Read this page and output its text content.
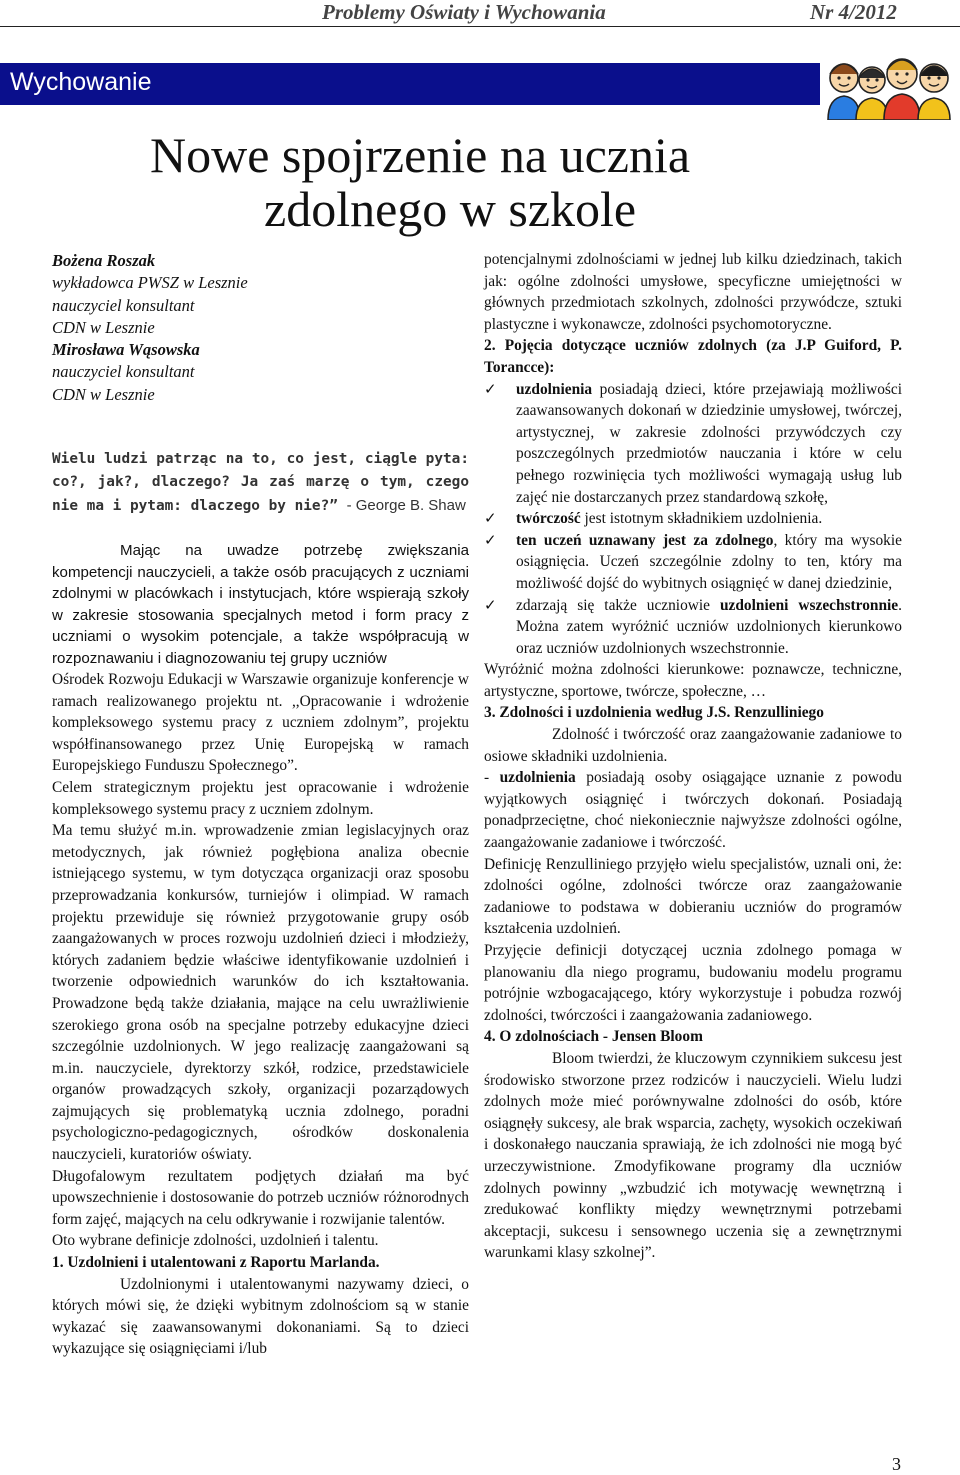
Problemy Oświaty i Wychowania	Nr 4/2012
Wychowanie
Nowe spojrzenie na ucznia
zdolnego w szkole
Bożena Roszak
wykładowca PWSZ w Lesznie
nauczyciel konsultant
CDN w Lesznie
Mirosława Wąsowska
nauczyciel konsultant
CDN w Lesznie
Wielu ludzi patrząc na to, co jest, ciągle pyta: co?, jak?, dlaczego? Ja zaś marzę o tym, czego nie ma i pytam: dlaczego by nie?” - George B. Shaw

Mając na uwadze potrzebę zwiększania kompetencji nauczycieli, a także osób pracujących z uczniami zdolnymi w placówkach i instytucjach, które wspierają szkoły w zakresie stosowania specjalnych metod i form pracy z uczniami o wysokim potencjale, a także współpracują w rozpoznawaniu i diagnozowaniu tej grupy uczniów

Ośrodek Rozwoju Edukacji w Warszawie organizuje konferencje w ramach realizowanego projektu nt. ,,Opracowanie i wdrożenie kompleksowego systemu pracy z uczniem zdolnym”, projektu współfinansowanego przez Unię Europejską w ramach Europejskiego Funduszu Społecznego”.

Celem strategicznym projektu jest opracowanie i wdrożenie kompleksowego systemu pracy z uczniem zdolnym.

Ma temu służyć m.in. wprowadzenie zmian legislacyjnych oraz metodycznych, jak również pogłębiona analiza obecnie istniejącego systemu, w tym dotycząca organizacji oraz sposobu przeprowadzania konkursów, turniejów i olimpiad. W ramach projektu przewiduje się również przygotowanie grupy osób zaangażowanych w proces rozwoju uzdolnień dzieci i młodzieży, których zadaniem będzie właściwe identyfikowanie uzdolnień i tworzenie odpowiednich warunków do ich kształtowania. Prowadzone będą także działania, mające na celu uwrażliwienie szerokiego grona osób na specjalne potrzeby edukacyjne dzieci szczególnie uzdolnionych. W jego realizację zaangażowani są m.in. nauczyciele, dyrektorzy szkół, rodzice, przedstawiciele organów prowadzących szkoły, organizacji pozarządowych zajmujących się problematyką ucznia zdolnego, poradni psychologiczno-pedagogicznych, ośrodków doskonalenia nauczycieli, kuratoriów oświaty.

Długofalowym rezultatem podjętych działań ma być upowszechnienie i dostosowanie do potrzeb uczniów różnorodnych form zajęć, mających na celu odkrywanie i rozwijanie talentów.

Oto wybrane definicje zdolności, uzdolnień i talentu.

1. Uzdolnieni i utalentowani z Raportu Marlanda.

Uzdolnionymi i utalentowanymi nazywamy dzieci, o których mówi się, że dzięki wybitnym zdolnościom są w stanie wykazać się zaawansowanymi dokonaniami. Są to dzieci wykazujące się osiągnięciami i/lub

potencjalnymi zdolnościami w jednej lub kilku dziedzinach, takich jak: ogólne zdolności umysłowe, specyficzne umiejętności w głównych przedmiotach szkolnych, zdolności przywódcze, sztuki plastyczne i wykonawcze, zdolności psychomotoryczne.

2. Pojęcia dotyczące uczniów zdolnych (za J.P Guiford, P. Torancce):

✓	uzdolnienia posiadają dzieci, które przejawiają możliwości zaawansowanych dokonań w dziedzinie umysłowej, twórczej, artystycznej, w zakresie zdolności przywódczych czy poszczególnych przedmiotów nauczania i które w celu pełnego rozwinięcia tych możliwości wymagają usług lub zajęć nie dostarczanych przez standardową szkołę,
✓	twórczość jest istotnym składnikiem uzdolnienia.
✓	ten uczeń uznawany jest za zdolnego, który ma wysokie osiągnięcia. Uczeń szczególnie zdolny to ten, który ma możliwość dojść do wybitnych osiągnięć w danej dziedzinie,
✓	zdarzają się także uczniowie uzdolnieni wszechstronnie. Można zatem wyróżnić uczniów uzdolnionych kierunkowo oraz uczniów uzdolnionych wszechstronnie.

Wyróżnić można zdolności kierunkowe: poznawcze, techniczne, artystyczne, sportowe, twórcze, społeczne, …

3. Zdolności i uzdolnienia według J.S. Renzulliniego

Zdolność i twórczość oraz zaangażowanie zadaniowe to osiowe składniki uzdolnienia.

- uzdolnienia posiadają osoby osiągające uznanie z powodu wyjątkowych osiągnięć i twórczych dokonań. Posiadają ponadprzeciętne, choć niekoniecznie najwyższe zdolności ogólne, zaangażowanie zadaniowe i twórczość.

Definicję Renzulliniego przyjęło wielu specjalistów, uznali oni, że: zdolności ogólne, zdolności twórcze oraz zaangażowanie zadaniowe to podstawa w dobieraniu uczniów do programów kształcenia uzdolnień.

Przyjęcie definicji dotyczącej ucznia zdolnego pomaga w planowaniu dla niego programu, budowaniu modelu programu potrójnie wzbogacającego, który wykorzystuje i pobudza rozwój zdolności, twórczości i zaangażowania zadaniowego.

4. O zdolnościach - Jensen Bloom

Bloom twierdzi, że kluczowym czynnikiem sukcesu jest środowisko stworzone przez rodziców i nauczycieli. Wielu ludzi zdolnych może mieć porównywalne zdolności do osób, które osiągnęły sukcesy, ale brak wsparcia, zachęty, wysokich oczekiwań i doskonałego nauczania sprawiają, że ich zdolności nie mogą być urzeczywistnione. Zmodyfikowane programy dla uczniów zdolnych powinny „wzbudzić ich motywację wewnętrzną i zredukować konflikty między wewnętrznymi potrzebami akceptacji, sukcesu i sensownego uczenia się a zewnętrznymi warunkami klasy szkolnej”.

3
